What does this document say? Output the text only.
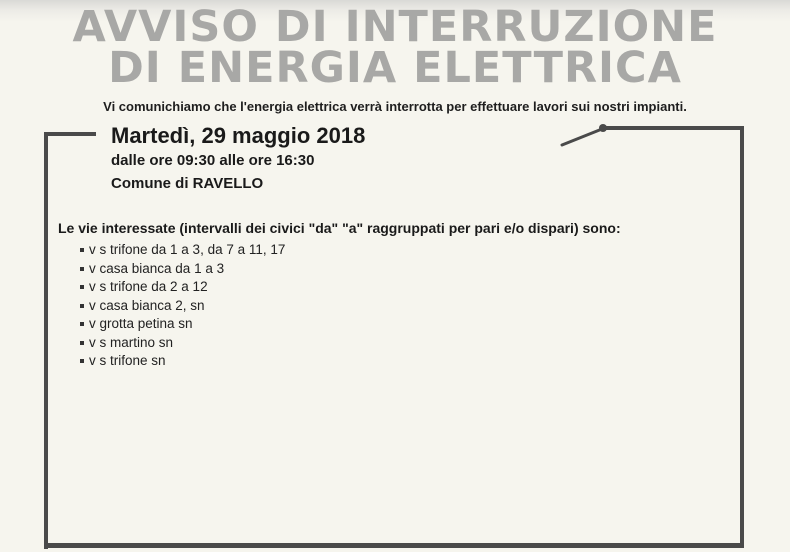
AVVISO DI INTERRUZIONE
DI ENERGIA ELETTRICA
Vi comunichiamo che l'energia elettrica verrà interrotta per effettuare lavori sui nostri impianti.
Martedì, 29 maggio 2018
dalle ore 09:30 alle ore 16:30
Comune di RAVELLO
Le vie interessate (intervalli dei civici "da" "a" raggruppati per pari e/o dispari) sono:
v s trifone da 1 a 3, da 7 a 11, 17
v casa bianca da 1 a 3
v s trifone da 2 a 12
v casa bianca 2, sn
v grotta petina sn
v s martino sn
v s trifone sn
